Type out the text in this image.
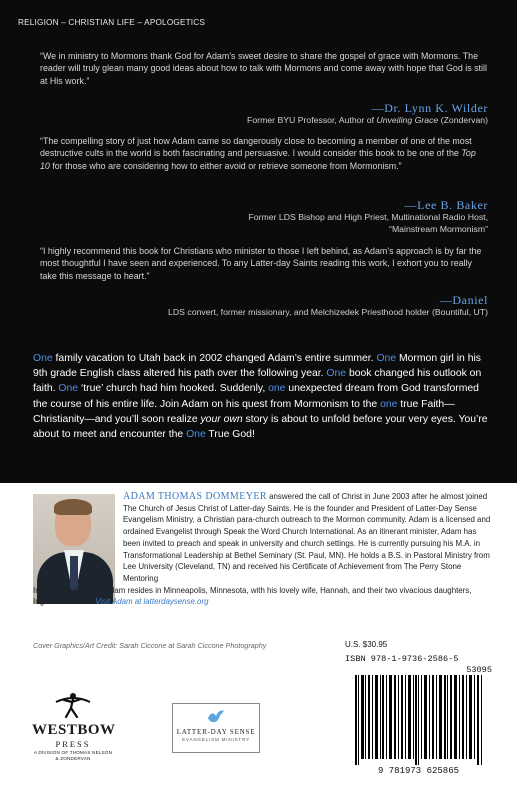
RELIGION – CHRISTIAN LIFE – APOLOGETICS
“We in ministry to Mormons thank God for Adam’s sweet desire to share the gospel of grace with Mormons. The reader will truly glean many good ideas about how to talk with Mormons and come away with hope that God is still at His work.”
—Dr. Lynn K. Wilder
Former BYU Professor, Author of Unveiling Grace (Zondervan)
“The compelling story of just how Adam came so dangerously close to becoming a member of one of the most destructive cults in the world is both fascinating and persuasive. I would consider this book to be one of the Top 10 for those who are considering how to either avoid or retrieve someone from Mormonism.”
—Lee B. Baker
Former LDS Bishop and High Priest, Multinational Radio Host,
“Mainstream Mormonism”
“I highly recommend this book for Christians who minister to those I left behind, as Adam’s approach is by far the most thoughtful I have seen and experienced. To any Latter-day Saints reading this work, I exhort you to really take this message to heart.”
—Daniel
LDS convert, former missionary, and Melchizedek Priesthood holder (Bountiful, UT)
One family vacation to Utah back in 2002 changed Adam’s entire summer. One Mormon girl in his 9th grade English class altered his path over the following year. One book changed his outlook on faith. One ‘true’ church had him hooked. Suddenly, one unexpected dream from God transformed the course of his entire life. Join Adam on his quest from Mormonism to the one true Faith—Christianity—and you’ll soon realize your own story is about to unfold before your very eyes. You’re about to meet and encounter the One True God!
ADAM THOMAS DOMMEYER answered the call of Christ in June 2003 after he almost joined The Church of Jesus Christ of Latter-day Saints. He is the founder and President of Latter-Day Sense Evangelism Ministry, a Christian para-church outreach to the Mormon community. Adam is a licensed and ordained Evangelist through Speak the Word Church International. As an itinerant minister, Adam has been invited to preach and speak in university and church settings. He is currently pursuing his M.A. in Transformational Leadership at Bethel Seminary (St. Paul, MN). He holds a B.S. in Pastoral Ministry from Lee University (Cleveland, TN) and received his Certificate of Achievement from The Perry Stone Mentoring
Institute for Ministry. Adam resides in Minneapolis, Minnesota, with his lovely wife, Hannah, and their two vivacious daughters, Ingrid and Liesel. Visit Adam at latterdaysense.org
Cover Graphics/Art Credit: Sarah Ciccone at Sarah Ciccone Photography
WESTBOW
PRESS
A DIVISION OF THOMAS NELSON
& ZONDERVAN
LATTER-DAY SENSE
EVANGELISM MINISTRY
U.S. $30.95
ISBN 978-1-9736-2586-5
53095
9 781973 625865
